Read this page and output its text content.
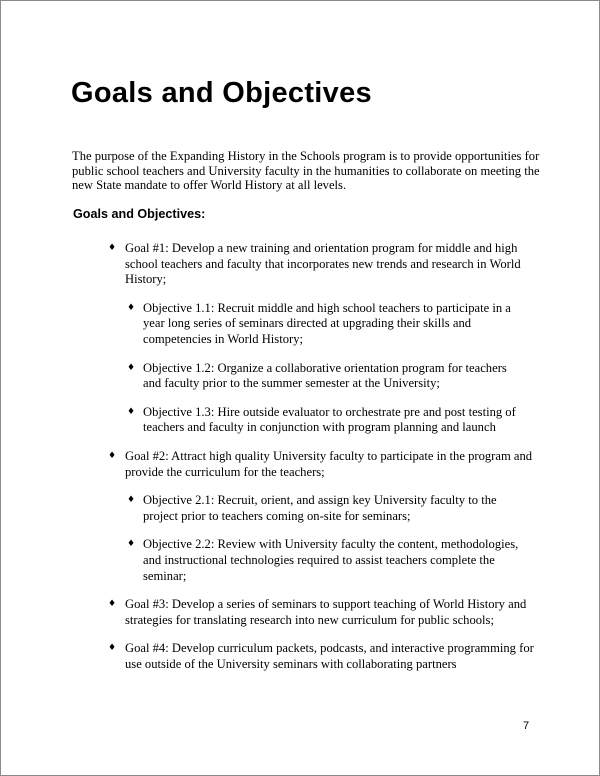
Goals and Objectives

The purpose of the Expanding History in the Schools program is to provide opportunities for public school teachers and University faculty in the humanities to collaborate on meeting the new State mandate to offer World History at all levels.

Goals and Objectives:
♦ Goal #1: Develop a new training and orientation program for middle and high school teachers and faculty that incorporates new trends and research in World History;
♦ Objective 1.1: Recruit middle and high school teachers to participate in a year long series of seminars directed at upgrading their skills and competencies in World History;
♦ Objective 1.2: Organize a collaborative orientation program for teachers and faculty prior to the summer semester at the University;
♦ Objective 1.3: Hire outside evaluator to orchestrate pre and post testing of teachers and faculty in conjunction with program planning and launch
♦ Goal #2: Attract high quality University faculty to participate in the program and provide the curriculum for the teachers;
♦ Objective 2.1: Recruit, orient, and assign key University faculty to the project prior to teachers coming on-site for seminars;
♦ Objective 2.2: Review with University faculty the content, methodologies, and instructional technologies required to assist teachers complete the seminar;
♦ Goal #3: Develop a series of seminars to support teaching of World History and strategies for translating research into new curriculum for public schools;
♦ Goal #4: Develop curriculum packets, podcasts, and interactive programming for use outside of the University seminars with collaborating partners
7
